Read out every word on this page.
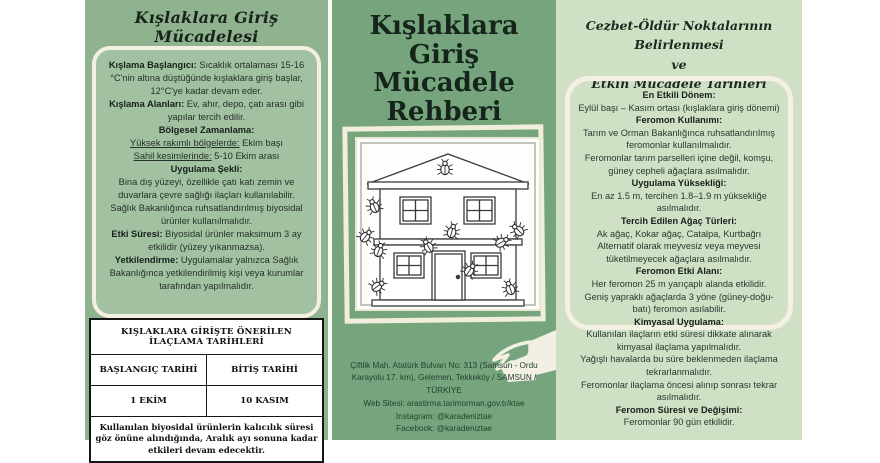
Kışlaklara Giriş Mücadelesi
Kışlama Başlangıcı: Sıcaklık ortalaması 15-16 °C'nin altına düştüğünde kışlaklara giriş başlar, 12°C'ye kadar devam eder.
Kışlama Alanları: Ev, ahır, depo, çatı arası gibi yapılar tercih edilir.
Bölgesel Zamanlama:
Yüksek rakımlı bölgelerde: Ekim başı
Sahil kesimlerinde: 5-10 Ekim arası
Uygulama Şekli:
Bina dış yüzeyi, özellikle çatı katı zemin ve duvarlara çevre sağlığı ilaçları kullanılabilir.
Sağlık Bakanlığınca ruhsatlandırılmış biyosidal ürünler kullanılmalıdır.
Etki Süresi: Biyosidal ürünler maksimum 3 ay etkilidir (yüzey yıkanmazsa).
Yetkilendirme: Uygulamalar yalnızca Sağlık Bakanlığınca yetkilendirilmiş kişi veya kurumlar tarafından yapılmalıdır.
KIŞLAKLARA GİRİŞTE ÖNERİLEN İLAÇLAMA TARİHLERİ
BAŞLANGIÇ TARİHİ	BİTİŞ TARİHİ
1 EKİM	10 KASIM
Kullanılan biyosidal ürünlerin kalıcılık süresi göz önüne alındığında, Aralık ayı sonuna kadar etkileri devam edecektir.
Kışlaklara
Giriş
Mücadele
Rehberi
Çiftlik Mah. Atatürk Bulvarı No: 313 (Samsun - Ordu
Karayolu 17. km), Gelemen, Tekkeköy / SAMSUN /
TÜRKİYE
Web Sitesi: arastirma.tarimorman.gov.tr/ktae
Instagram: @karadeniztae
Facebook: @karadeniztae
Cezbet-Öldür Noktalarının Belirlenmesi
ve
Etkin Mücadele Tarihleri
En Etkili Dönem:
Eylül başı – Kasım ortası (kışlaklara giriş dönemi)
Feromon Kullanımı:
Tarım ve Orman Bakanlığınca ruhsatlandırılmış feromonlar kullanılmalıdır.
Feromonlar tarım parselleri içine değil, komşu, güney cepheli ağaçlara asılmalıdır.
Uygulama Yüksekliği:
En az 1.5 m, tercihen 1.8–1.9 m yüksekliğe asılmalıdır.
Tercih Edilen Ağaç Türleri:
Ak ağaç, Kokar ağaç, Catalpa, Kurtbağrı
Alternatif olarak meyvesiz veya meyvesi tüketilmeyecek ağaçlara asılmalıdır.
Feromon Etki Alanı:
Her feromon 25 m yarıçaplı alanda etkilidir.
Geniş yapraklı ağaçlarda 3 yöne (güney-doğu-batı) feromon asılabilir.
Kimyasal Uygulama:
Kullanılan ilaçların etki süresi dikkate alınarak kimyasal ilaçlama yapılmalıdır.
Yağışlı havalarda bu süre beklenmeden ilaçlama tekrarlanmalıdır.
Feromonlar ilaçlama öncesi alınıp sonrası tekrar asılmalıdır.
Feromon Süresi ve Değişimi:
Feromonlar 90 gün etkilidir.
